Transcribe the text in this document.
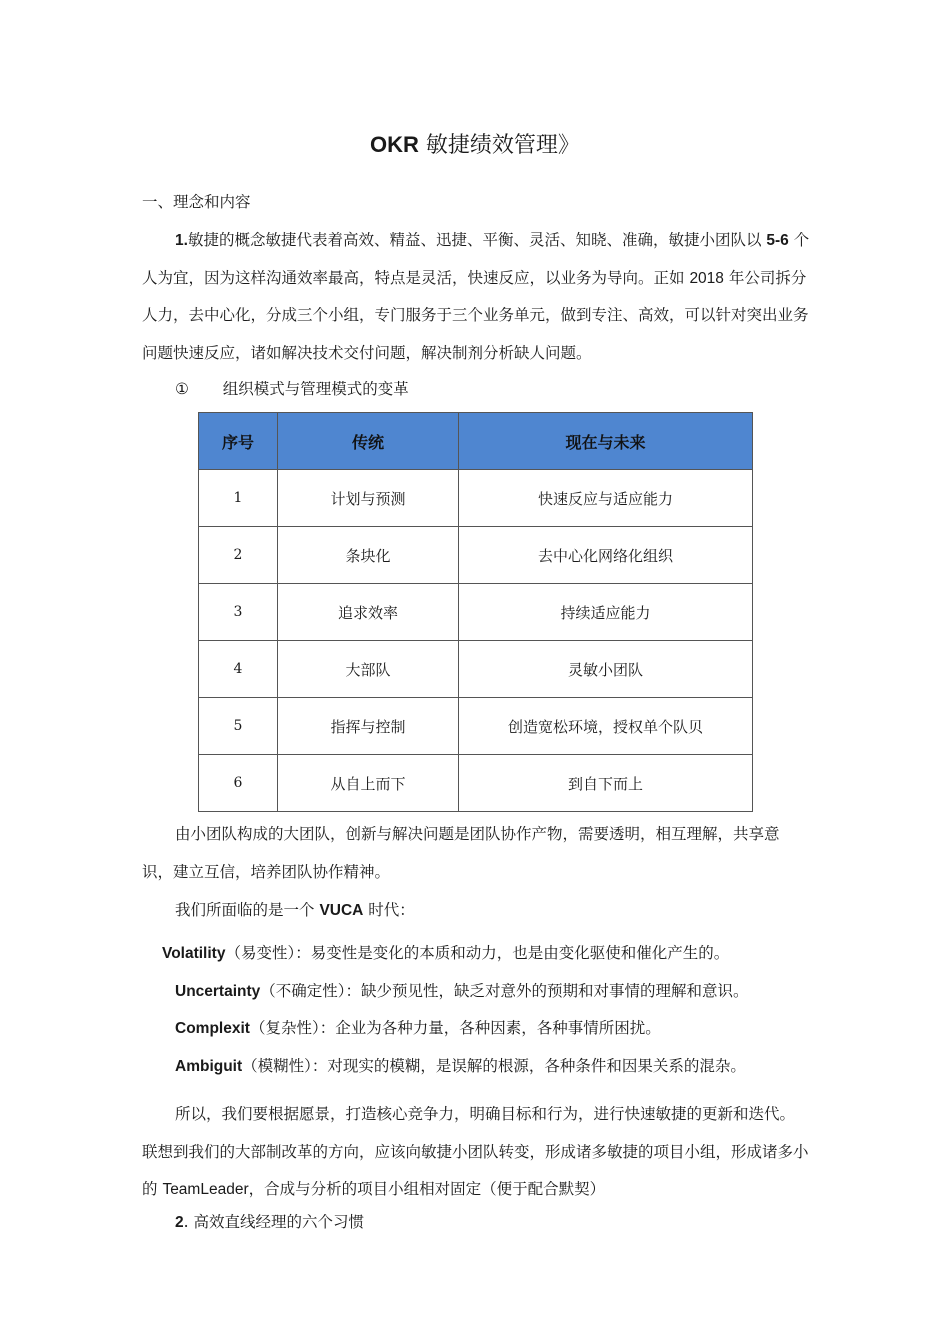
OKR 敏捷绩效管理》
一、理念和内容

1.敏捷的概念敏捷代表着高效、精益、迅捷、平衡、灵活、知晓、准确，敏捷小团队以 5-6 个人为宜，因为这样沟通效率最高，特点是灵活，快速反应，以业务为导向。正如 2018 年公司拆分人力，去中心化，分成三个小组，专门服务于三个业务单元，做到专注、高效，可以针对突出业务问题快速反应，诸如解决技术交付问题，解决制剂分析缺人问题。

① 组织模式与管理模式的变革
序号	传统	现在与未来
1	计划与预测	快速反应与适应能力
2	条块化	去中心化网络化组织
3	追求效率	持续适应能力
4	大部队	灵敏小团队
5	指挥与控制	创造宽松环境，授权单个队贝
6	从自上而下	到自下而上

由小团队构成的大团队，创新与解决问题是团队协作产物，需要透明，相互理解，共享意识，建立互信，培养团队协作精神。

我们所面临的是一个 VUCA 时代：
Volatility（易变性）：易变性是变化的本质和动力，也是由变化驱使和催化产生的。
Uncertainty（不确定性）：缺少预见性，缺乏对意外的预期和对事情的理解和意识。
Complexit（复杂性）：企业为各种力量，各种因素，各种事情所困扰。
Ambiguit（模糊性）：对现实的模糊，是误解的根源，各种条件和因果关系的混杂。

所以，我们要根据愿景，打造核心竞争力，明确目标和行为，进行快速敏捷的更新和迭代。联想到我们的大部制改革的方向，应该向敏捷小团队转变，形成诸多敏捷的项目小组，形成诸多小的 TeamLeader，合成与分析的项目小组相对固定（便于配合默契）

2. 高效直线经理的六个习惯
